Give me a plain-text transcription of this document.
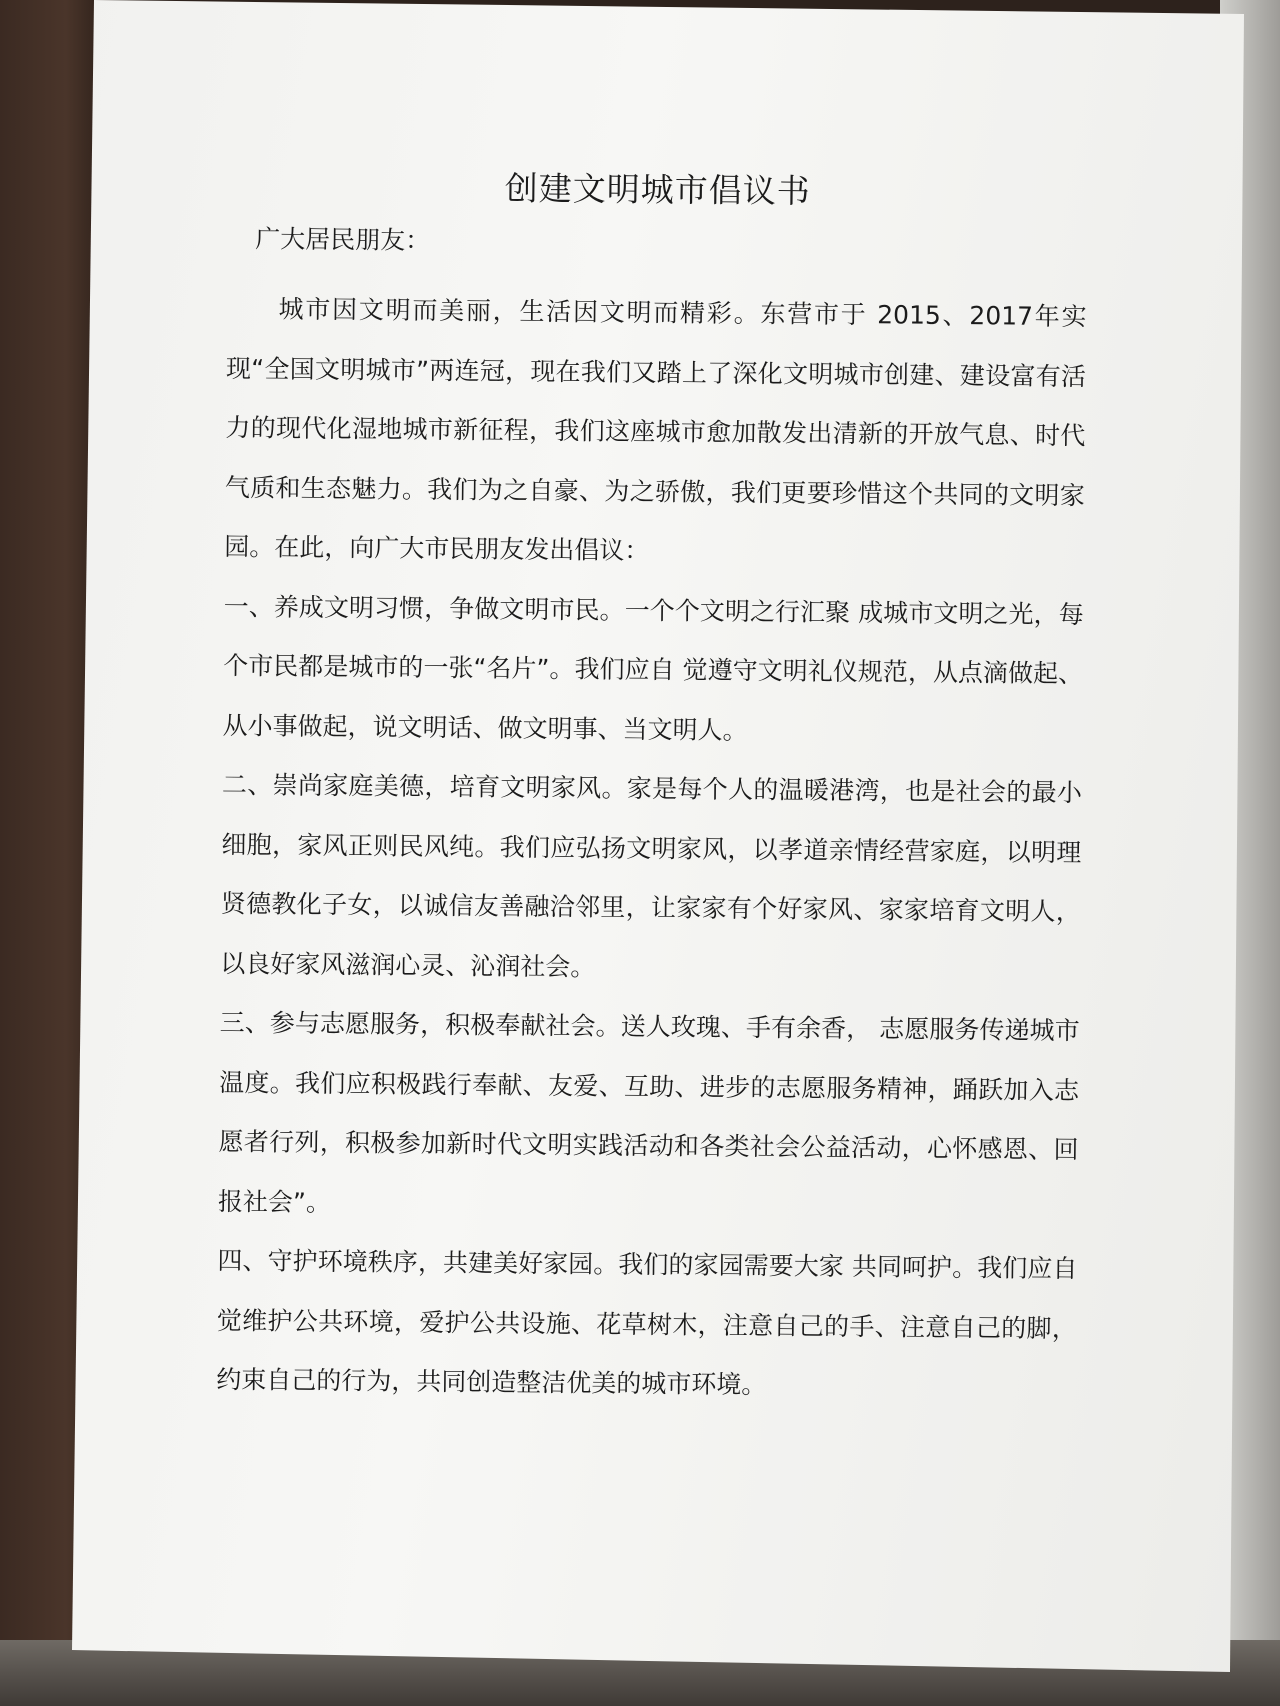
创建文明城市倡议书

广大居民朋友：

城市因文明而美丽，生活因文明而精彩。东营市于 2015、2017年实现“全国文明城市”两连冠，现在我们又踏上了深化文明城市创建、建设富有活力的现代化湿地城市新征程，我们这座城市愈加散发出清新的开放气息、时代气质和生态魅力。我们为之自豪、为之骄傲，我们更要珍惜这个共同的文明家园。在此，向广大市民朋友发出倡议：

一、养成文明习惯，争做文明市民。一个个文明之行汇聚 成城市文明之光，每个市民都是城市的一张“名片”。我们应自 觉遵守文明礼仪规范，从点滴做起、从小事做起，说文明话、做文明事、当文明人。

二、崇尚家庭美德，培育文明家风。家是每个人的温暖港湾，也是社会的最小细胞，家风正则民风纯。我们应弘扬文明家风，以孝道亲情经营家庭，以明理贤德教化子女，以诚信友善融洽邻里，让家家有个好家风、家家培育文明人，以良好家风滋润心灵、沁润社会。

三、参与志愿服务，积极奉献社会。送人玫瑰、手有余香， 志愿服务传递城市温度。我们应积极践行奉献、友爱、互助、进步的志愿服务精神，踊跃加入志愿者行列，积极参加新时代文明实践活动和各类社会公益活动，心怀感恩、回报社会”。

四、守护环境秩序，共建美好家园。我们的家园需要大家 共同呵护。我们应自觉维护公共环境，爱护公共设施、花草树木，注意自己的手、注意自己的脚，约束自己的行为，共同创造整洁优美的城市环境。
